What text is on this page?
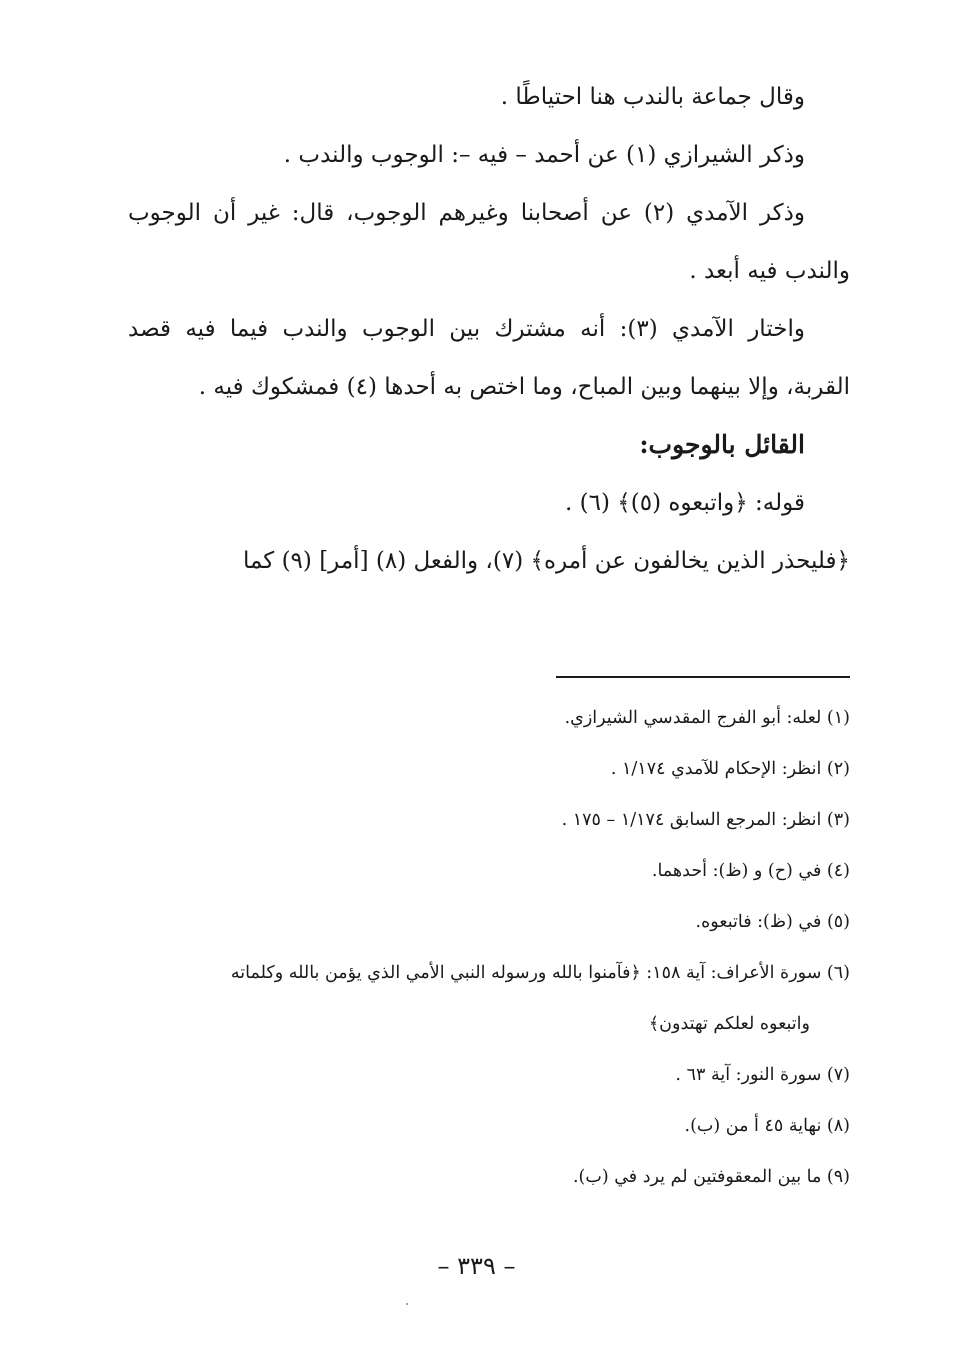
وقال جماعة بالندب هنا احتياطًا .

وذكر الشيرازي (١) عن أحمد – فيه –: الوجوب والندب .

وذكر الآمدي (٢) عن أصحابنا وغيرهم الوجوب، قال: غير أن الوجوب والندب فيه أبعد .

واختار الآمدي (٣): أنه مشترك بين الوجوب والندب فيما فيه قصد القربة، وإلا بينهما وبين المباح، وما اختص به أحدها (٤) فمشكوك فيه .

القائل بالوجوب:

قوله: ﴿واتبعوه (٥)﴾ (٦) .

﴿فليحذر الذين يخالفون عن أمره﴾ (٧)، والفعل (٨) [أمر] (٩) كما

(١) لعله: أبو الفرج المقدسي الشيرازي.

(٢) انظر: الإحكام للآمدي ١/١٧٤ .

(٣) انظر: المرجع السابق ١/١٧٤ – ١٧٥ .

(٤) في (ح) و (ظ): أحدهما.

(٥) في (ظ): فاتبعوه.

(٦) سورة الأعراف: آية ١٥٨: ﴿فآمنوا بالله ورسوله النبي الأمي الذي يؤمن بالله وكلماته

واتبعوه لعلكم تهتدون﴾

(٧) سورة النور: آية ٦٣ .

(٨) نهاية ٤٥ أ من (ب).

(٩) ما بين المعقوفتين لم يرد في (ب).

– ٣٣٩ –
